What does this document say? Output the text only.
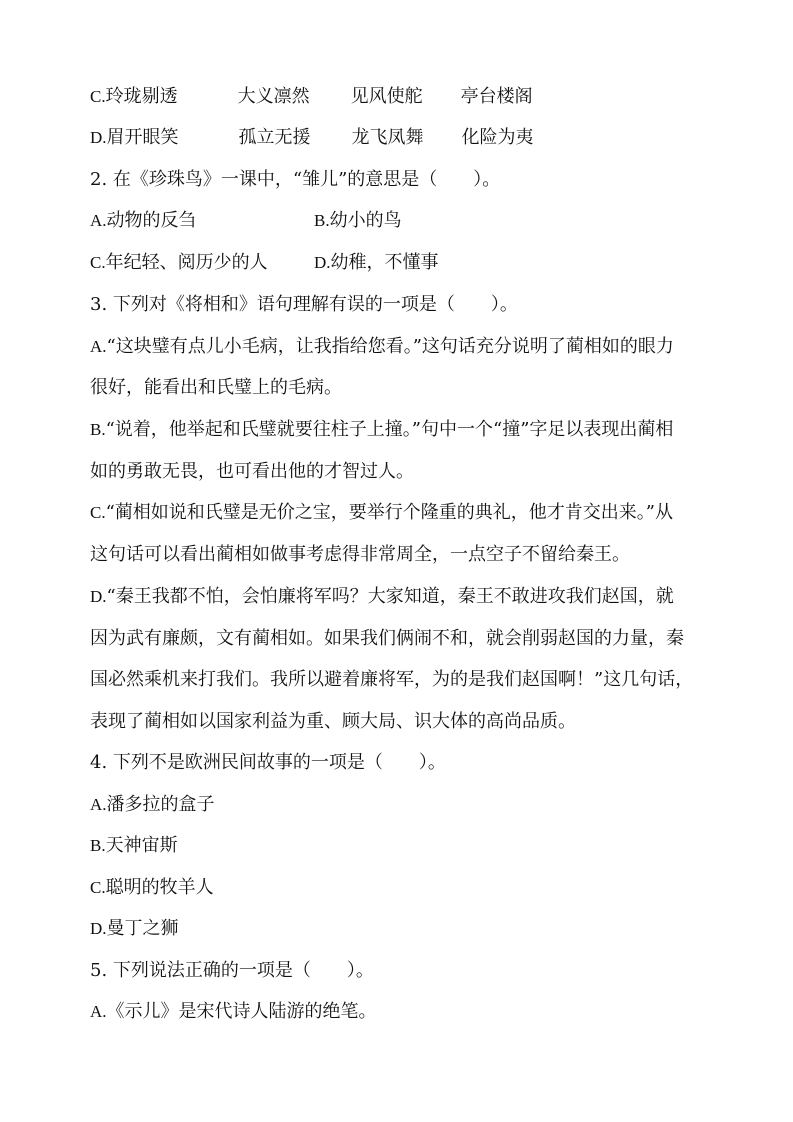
C.玲珑剔透	大义凛然 见风使舵 亭台楼阁
D.眉开眼笑	孤立无援 龙飞凤舞 化险为夷
2. 在《珍珠鸟》一课中，“雏儿”的意思是（　　）。
A.动物的反刍	B.幼小的鸟
C.年纪轻、阅历少的人	D.幼稚，不懂事
3. 下列对《将相和》语句理解有误的一项是（　　）。
A.“这块璧有点儿小毛病，让我指给您看。”这句话充分说明了蔺相如的眼力
很好，能看出和氏璧上的毛病。
B.“说着，他举起和氏璧就要往柱子上撞。”句中一个“撞”字足以表现出蔺相
如的勇敢无畏，也可看出他的才智过人。
C.“蔺相如说和氏璧是无价之宝，要举行个隆重的典礼，他才肯交出来。”从
这句话可以看出蔺相如做事考虑得非常周全，一点空子不留给秦王。
D.“秦王我都不怕，会怕廉将军吗？大家知道，秦王不敢进攻我们赵国，就
因为武有廉颇，文有蔺相如。如果我们俩闹不和，就会削弱赵国的力量，秦
国必然乘机来打我们。我所以避着廉将军，为的是我们赵国啊！”这几句话，
表现了蔺相如以国家利益为重、顾大局、识大体的高尚品质。
4. 下列不是欧洲民间故事的一项是（　　）。
A.潘多拉的盒子
B.天神宙斯
C.聪明的牧羊人
D.曼丁之狮
5. 下列说法正确的一项是（　　）。
A.《示儿》是宋代诗人陆游的绝笔。
